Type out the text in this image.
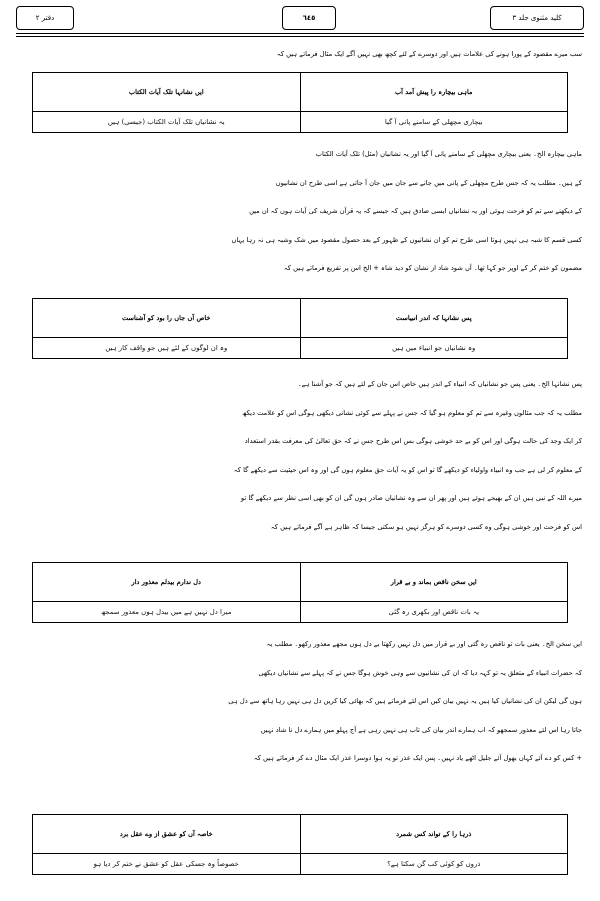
کلید مثنوی جلد ۳
٦٤٥
دفتر ۲
سب میرے مقصود کے پورا ہونے کی علامات ہیں اور دوسرے کے لئے کچھ بھی نہیں آگے ایک مثال فرماتے ہیں کہ
ماہی بیچارہ را پیش آمد آب
ایں نشانہا تلک آیات الکتاب
بیچاری مچھلی کے سامنے پانی آ گیا
یہ نشانیاں تلک آیات الکتاب (جیسی) ہیں
ماہی بیچارہ الخ۔ یعنی بیچاری مچھلی کے سامنے پانی آ گیا اور یہ نشانیاں (مثل) تلک آیات الکتاب
کے ہیں۔ مطلب یہ کہ جس طرح مچھلی کے پانی میں جانے سے جان میں جان آ جاتی ہے اسی طرح ان نشانیوں
کے دیکھنے سے تم کو فرحت ہوئی اور یہ نشانیاں ایسی صادق ہیں کہ جیسے کہ یہ قرآن شریف کی آیات ہوں کہ ان میں
کسی قسم کا شبہ ہی نہیں ہوتا اسی طرح تم کو ان نشانیوں کے ظہور کے بعد حصول مقصود میں شک وشبہ ہی نہ رہا یہاں
مضمون کو ختم کر کے اوپر جو کہا تھا۔ آں شود شاد از نشان کو دید شاہ + الخ اس پر تفریع فرماتے ہیں کہ
پس نشانہا کہ اندر انبیاست
خاص آں جاں را بود کو آشناست
وہ نشانیاں جو انبیاء میں ہیں
وہ ان لوگوں کے لئے ہیں جو واقف کار ہیں
پس نشانہا الخ۔ یعنی پس جو نشانیاں کہ انبیاء کے اندر ہیں خاص اس جان کے لئے ہیں کہ جو آشنا ہے۔
مطلب یہ کہ جب مثالوں وغیرہ سے تم کو معلوم ہو گیا کہ جس نے پہلے سے کوئی نشانی دیکھی ہوگی اس کو علامت دیکھ
کر ایک وجد کی حالت ہوگی اور اس کو بے حد خوشی ہوگی بس اس طرح جس نے کہ حق تعالیٰ کی معرفت بقدر استعداد
کے معلوم کر لی ہے جب وہ انبیاء واولیاء کو دیکھے گا تو اس کو یہ آیات حق معلوم ہوں گی اور وہ اس حیثیت سے دیکھے گا کہ
میرے اللہ کے نبی ہیں ان کے بھیجے ہوئے ہیں اور پھر ان سے وہ نشانیاں صادر ہوں گی ان کو بھی اسی نظر سے دیکھے گا تو
اس کو فرحت اور خوشی ہوگی وہ کسی دوسرے کو ہرگز نہیں ہو سکتی جیسا کہ ظاہر ہے آگے فرماتے ہیں کہ
ایں سخن ناقص بماند و بے قرار
دل ندارم بیدلم معذور دار
یہ بات ناقص اور بکھری رہ گئی
میرا دل نہیں ہے میں بیدل ہوں معذور سمجھ
ایں سخن الخ۔ یعنی بات تو ناقص رہ گئی اور بے قرار میں دل نہیں رکھتا بے دل ہوں مجھے معذور رکھو۔ مطلب یہ
کہ حضرات انبیاء کے متعلق یہ تو کہہ دیا کہ ان کی نشانیوں سے وہی خوش ہوگا جس نے کہ پہلے سے نشانیاں دیکھی
ہوں گی لیکن ان کی نشانیاں کیا ہیں یہ نہیں بیان کیں اس لئے فرماتے ہیں کہ بھائی کیا کریں دل ہی نہیں رہا ہاتھ سے دل ہی
جاتا رہا اس لئے معذور سمجھو کہ اب ہمارے اندر بیان کی تاب ہی نہیں رہی ہے آج پہلو میں ہمارے دل نا شاد نہیں
+ کس کو دے آئے کہاں بھول آئے جلیل اٹھے یاد نہیں۔ پس ایک عذر تو یہ ہوا دوسرا عذر ایک مثال دے کر فرماتے ہیں کہ
ذرہا را کے تواند کس شمرد
خاصہ آں کو عشق از وے عقل برد
ذروں کو کوئی کب گن سکتا ہے؟
خصوصاً وہ جسکی عقل کو عشق نے ختم کر دیا ہو
